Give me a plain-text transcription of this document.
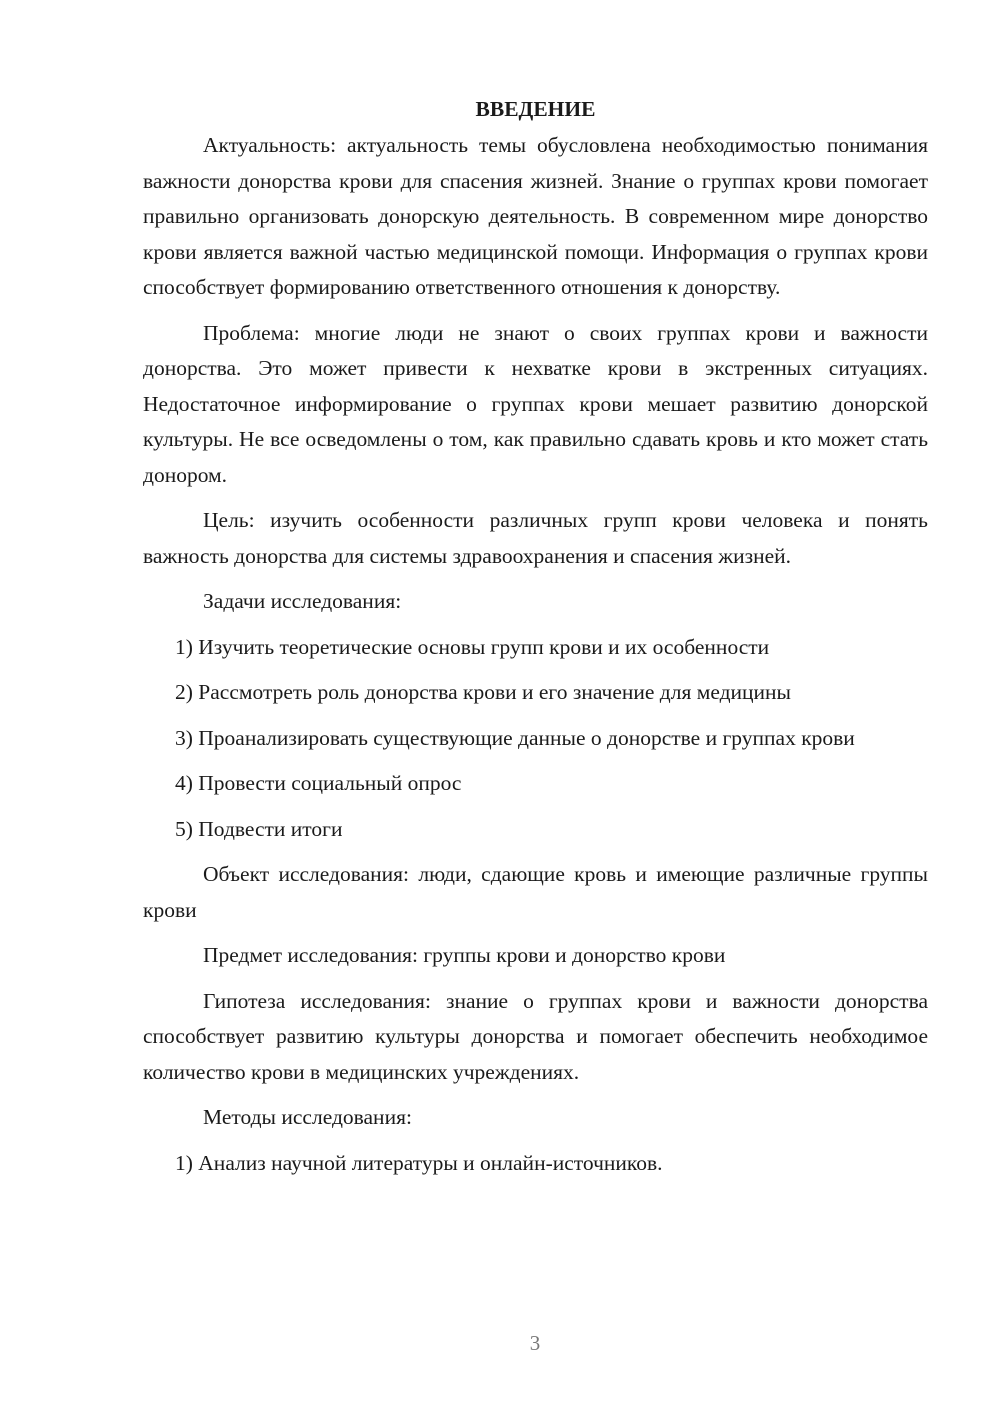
ВВЕДЕНИЕ

Актуальность: актуальность темы обусловлена необходимостью понимания важности донорства крови для спасения жизней. Знание о группах крови помогает правильно организовать донорскую деятельность. В современном мире донорство крови является важной частью медицинской помощи. Информация о группах крови способствует формированию ответственного отношения к донорству.

Проблема: многие люди не знают о своих группах крови и важности донорства. Это может привести к нехватке крови в экстренных ситуациях. Недостаточное информирование о группах крови мешает развитию донорской культуры. Не все осведомлены о том, как правильно сдавать кровь и кто может стать донором.

Цель: изучить особенности различных групп крови человека и понять важность донорства для системы здравоохранения и спасения жизней.

Задачи исследования:

1) Изучить теоретические основы групп крови и их особенности

2) Рассмотреть роль донорства крови и его значение для медицины

3) Проанализировать существующие данные о донорстве и группах крови

4) Провести социальный опрос

5) Подвести итоги

Объект исследования: люди, сдающие кровь и имеющие различные группы крови

Предмет исследования: группы крови и донорство крови

Гипотеза исследования: знание о группах крови и важности донорства способствует развитию культуры донорства и помогает обеспечить необходимое количество крови в медицинских учреждениях.

Методы исследования:

1) Анализ научной литературы и онлайн-источников.

3
